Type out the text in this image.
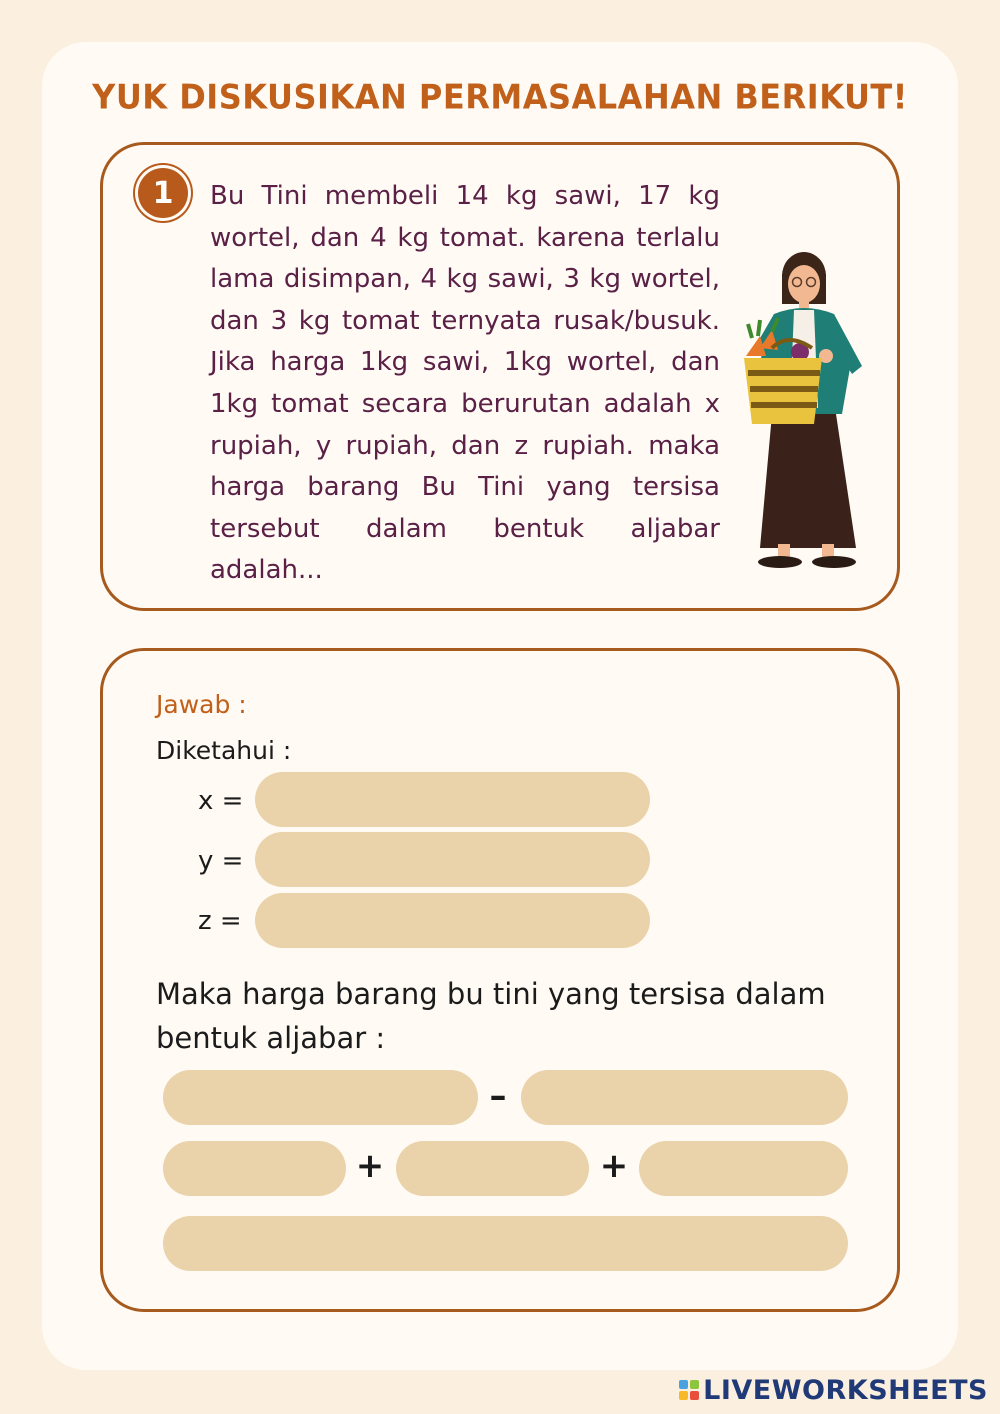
YUK DISKUSIKAN PERMASALAHAN BERIKUT!
1	Bu Tini membeli 14 kg sawi, 17 kg wortel, dan 4 kg tomat. karena terlalu lama disimpan, 4 kg sawi, 3 kg wortel, dan 3 kg tomat ternyata rusak/busuk. Jika harga 1kg sawi, 1kg wortel, dan 1kg tomat secara berurutan adalah x rupiah, y rupiah, dan z rupiah. maka harga barang Bu Tini yang tersisa tersebut dalam bentuk aljabar adalah...
Jawab :
Diketahui :
x =
y =
z =
Maka harga barang bu tini yang tersisa dalam bentuk aljabar :
–
+	+
LIVEWORKSHEETS
